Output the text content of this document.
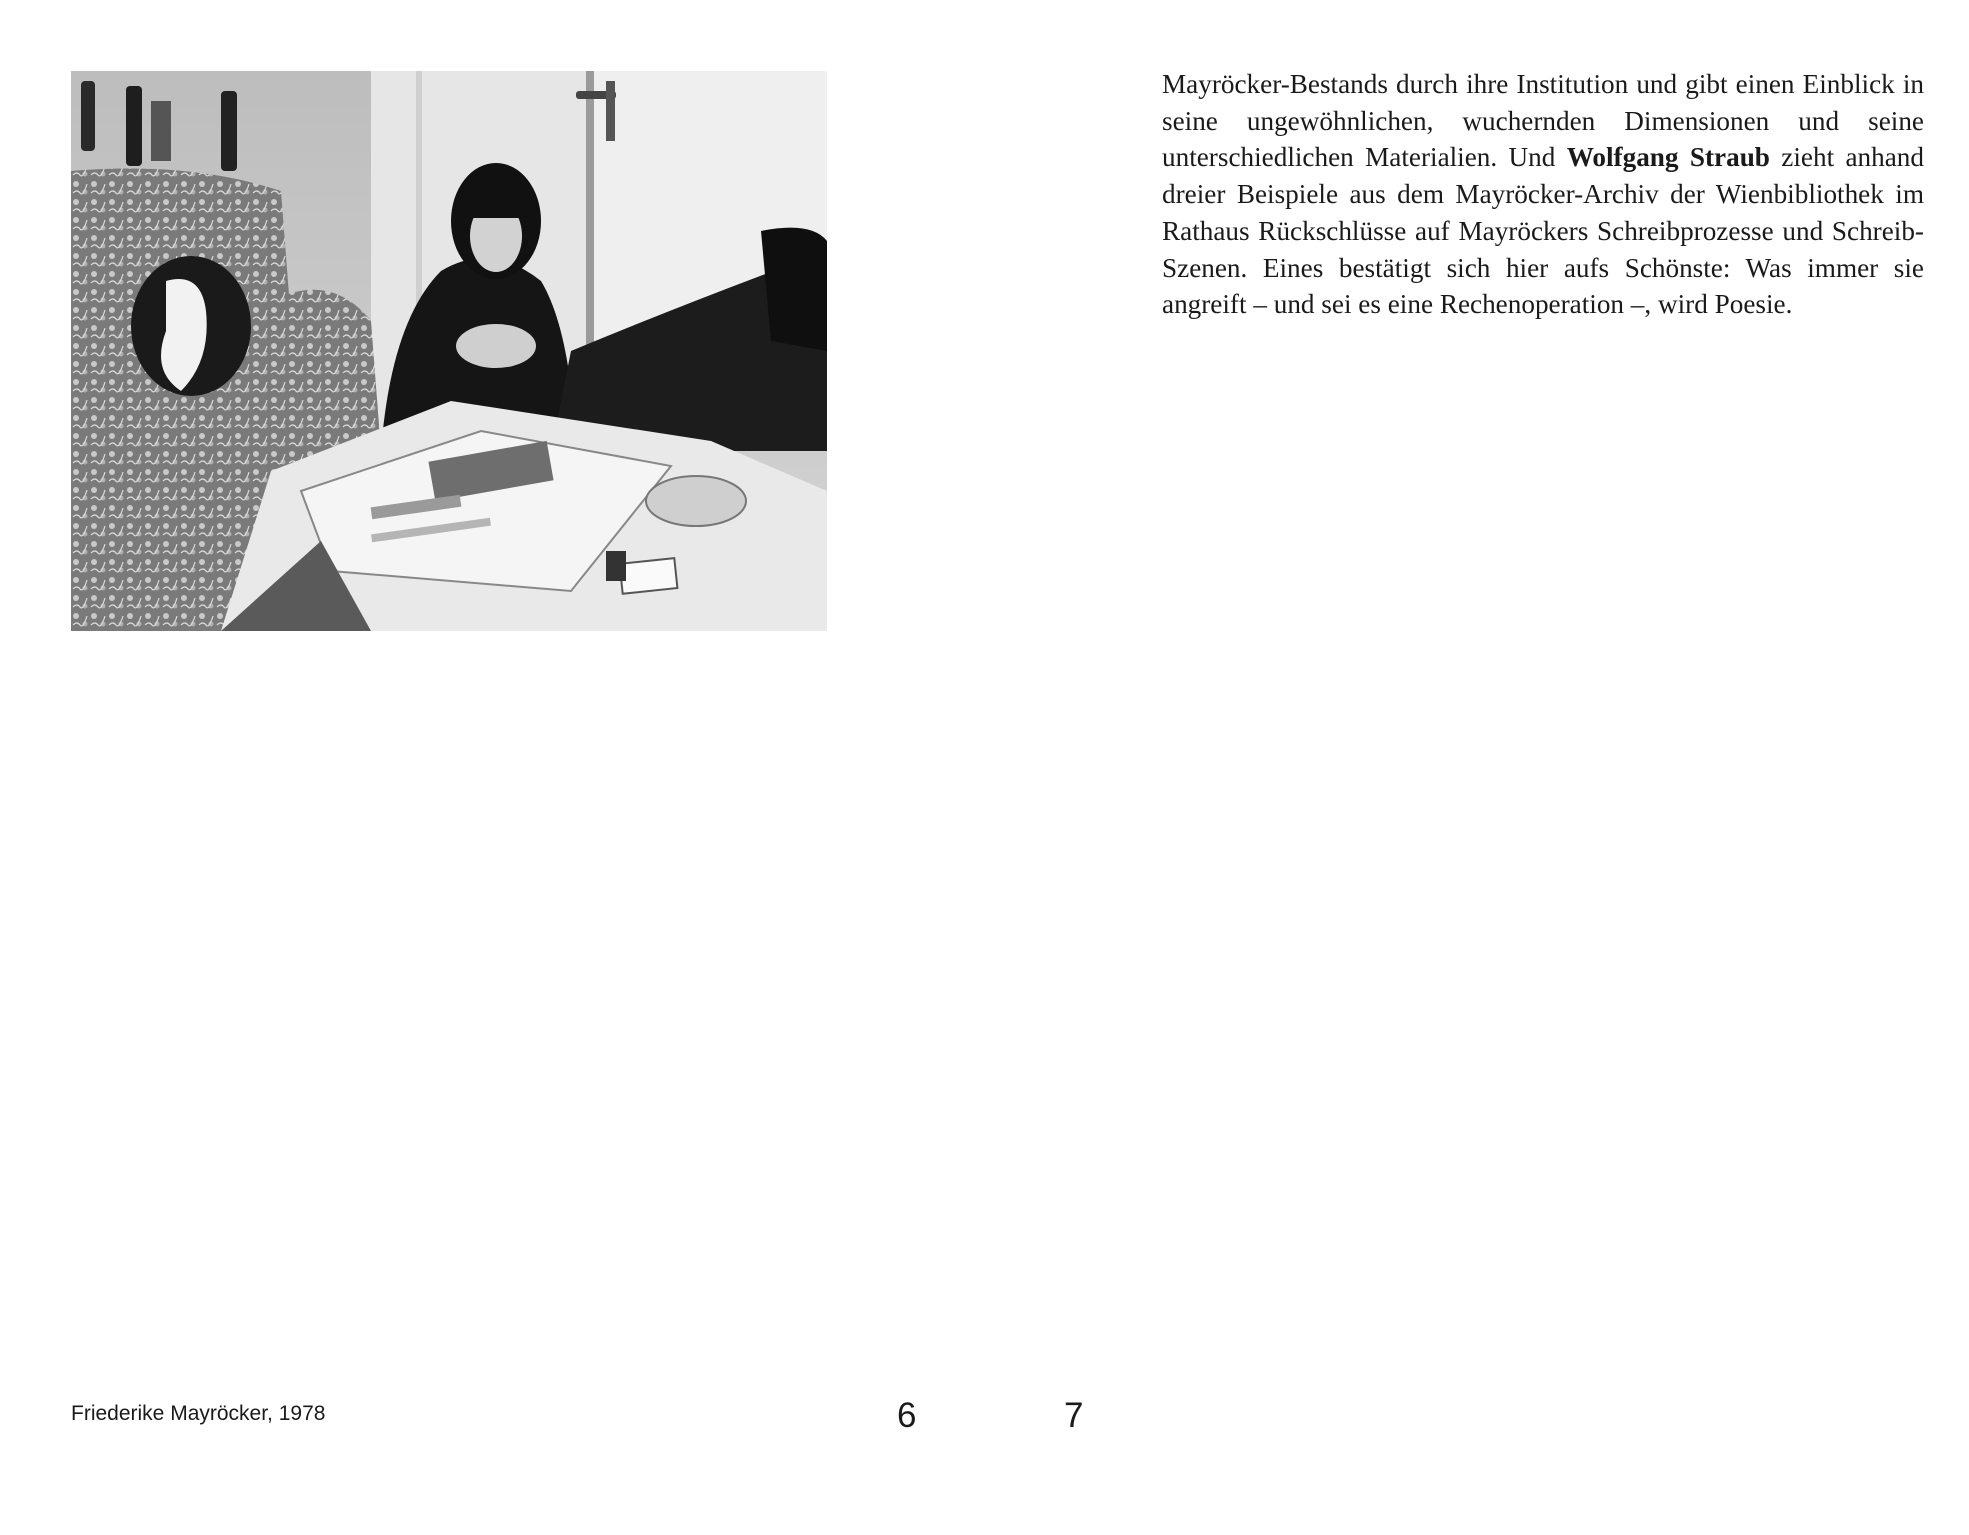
Mayröcker-Bestands durch ihre Institution und gibt einen Einblick in seine ungewöhnlichen, wuchernden Dimensionen und seine unterschiedlichen Materialien. Und Wolfgang Straub zieht anhand dreier Beispiele aus dem Mayröcker-Archiv der Wienbibliothek im Rathaus Rückschlüsse auf Mayröckers Schreibprozesse und Schreib-Szenen. Eines bestätigt sich hier aufs Schönste: Was immer sie angreift – und sei es eine Rechenoperation –, wird Poesie.

Friederike Mayröcker, 1978	6	7
